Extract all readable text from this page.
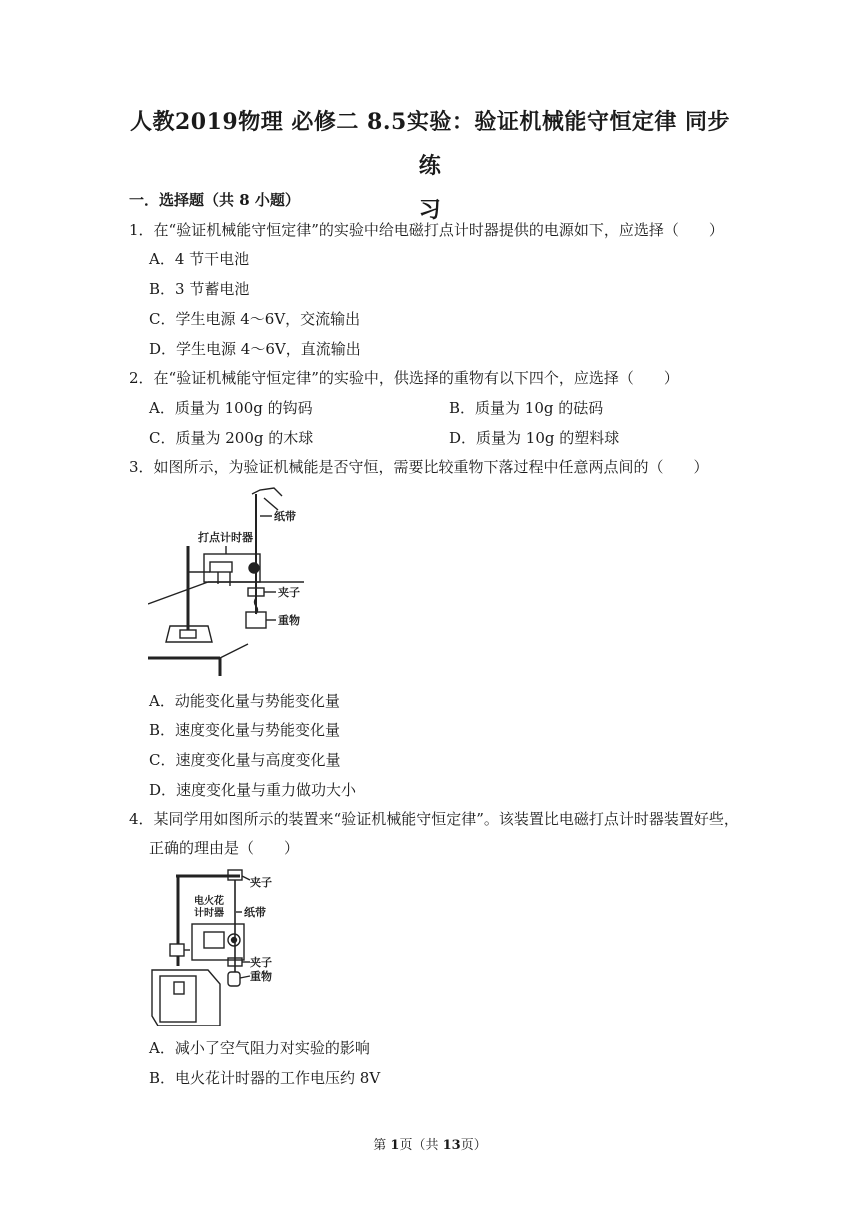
人教2019物理 必修二 8.5实验：验证机械能守恒定律 同步练
习
一．选择题（共 8 小题）
1．在“验证机械能守恒定律”的实验中给电磁打点计时器提供的电源如下，应选择（　　）
A．4 节干电池
B．3 节蓄电池
C．学生电源 4～6V，交流输出
D．学生电源 4～6V，直流输出
2．在“验证机械能守恒定律”的实验中，供选择的重物有以下四个，应选择（　　）
A．质量为 100g 的钩码	B．质量为 10g 的砝码
C．质量为 200g 的木球	D．质量为 10g 的塑料球
3．如图所示，为验证机械能是否守恒，需要比较重物下落过程中任意两点间的（　　）
打点计时器
纸带
夹子
重物
A．动能变化量与势能变化量
B．速度变化量与势能变化量
C．速度变化量与高度变化量
D．速度变化量与重力做功大小
4．某同学用如图所示的装置来“验证机械能守恒定律”。该装置比电磁打点计时器装置好些，
正确的理由是（　　）
夹子
电火花
计时器 纸带
夹子
重物
A．减小了空气阻力对实验的影响
B．电火花计时器的工作电压约 8V
第 1页（共 13页）
